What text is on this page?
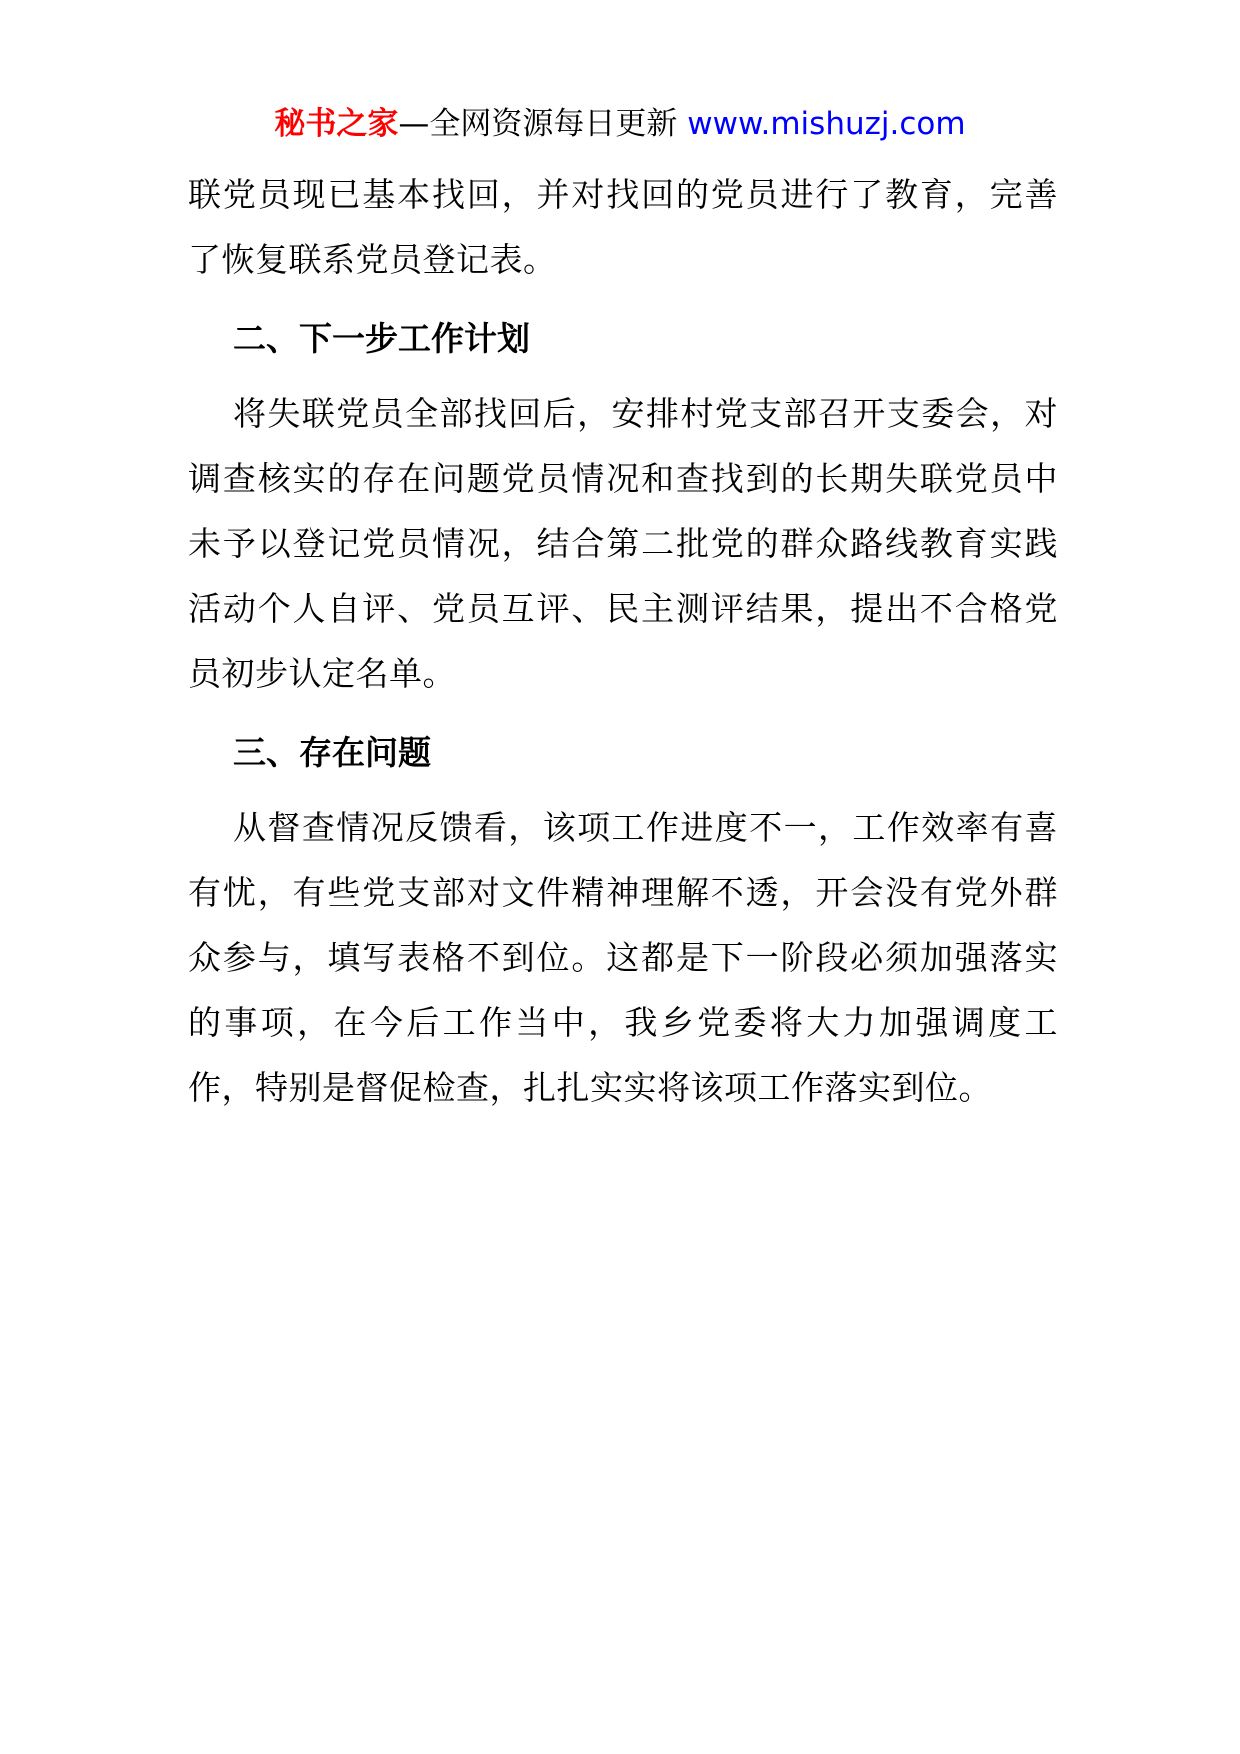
秘书之家—全网资源每日更新 www.mishuzj.com

联党员现已基本找回，并对找回的党员进行了教育，完善了恢复联系党员登记表。

二、下一步工作计划

将失联党员全部找回后，安排村党支部召开支委会，对调查核实的存在问题党员情况和查找到的长期失联党员中未予以登记党员情况，结合第二批党的群众路线教育实践活动个人自评、党员互评、民主测评结果，提出不合格党员初步认定名单。

三、存在问题

从督查情况反馈看，该项工作进度不一，工作效率有喜有忧，有些党支部对文件精神理解不透，开会没有党外群众参与，填写表格不到位。这都是下一阶段必须加强落实的事项，在今后工作当中，我乡党委将大力加强调度工作，特别是督促检查，扎扎实实将该项工作落实到位。
